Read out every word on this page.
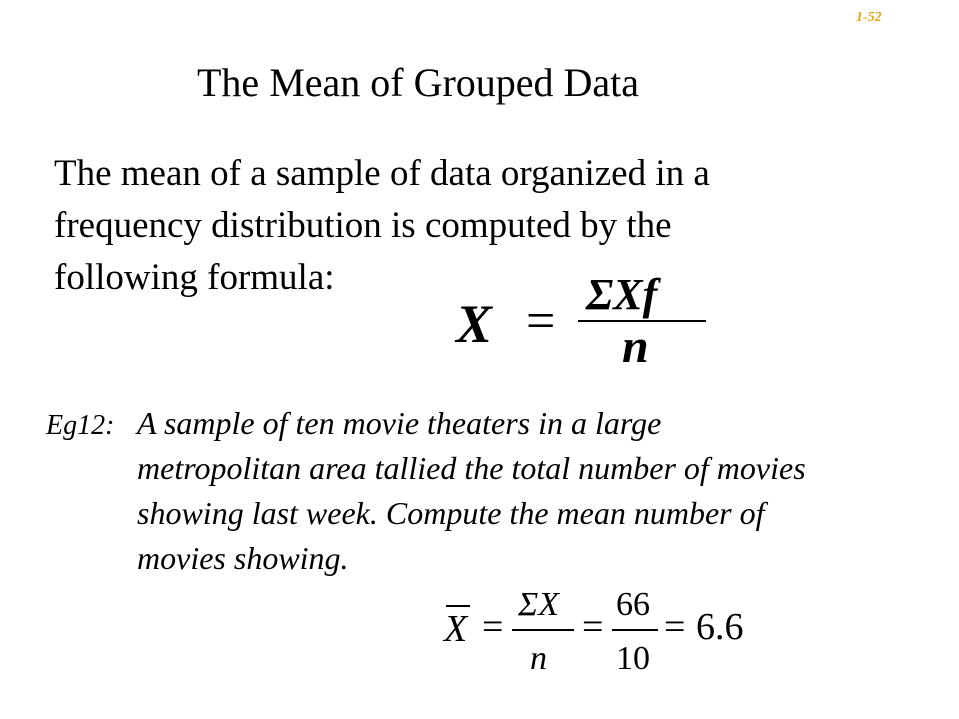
1-52
The Mean of Grouped Data
The mean of a sample of data organized in a
frequency distribution is computed by the
following formula:
X = ΣXf
n
Eg12: A sample of ten movie theaters in a large
metropolitan area tallied the total number of movies
showing last week. Compute the mean number of
movies showing.
X =
ΣX
n
=
66
10
= 6.6
